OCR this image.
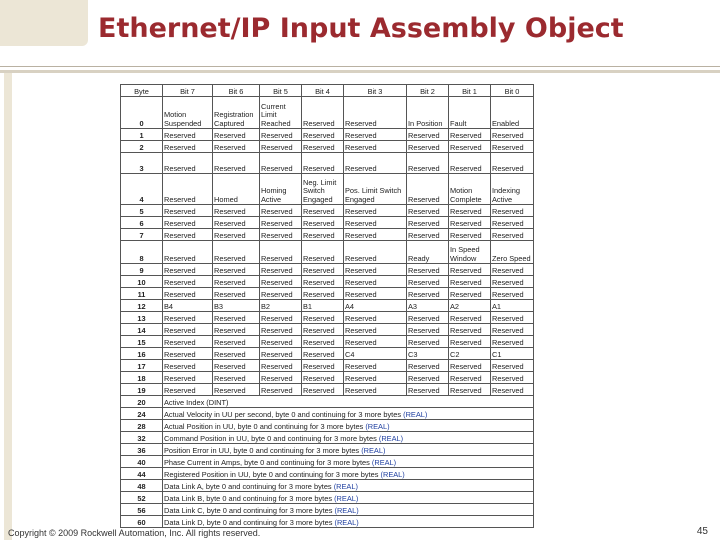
Ethernet/IP Input Assembly Object
Byte	Bit 7	Bit 6	Bit 5	Bit 4	Bit 3	Bit 2	Bit 1	Bit 0
0	Motion Suspended	Registration Captured	Current Limit Reached	Reserved	Reserved	In Position	Fault	Enabled
1	Reserved	Reserved	Reserved	Reserved	Reserved	Reserved	Reserved	Reserved
2	Reserved	Reserved	Reserved	Reserved	Reserved	Reserved	Reserved	Reserved
3	Reserved	Reserved	Reserved	Reserved	Reserved	Reserved	Reserved	Reserved
4	Reserved	Homed	Homing Active	Neg. Limit Switch Engaged	Pos. Limit Switch Engaged	Reserved	Motion Complete	Indexing Active
5	Reserved	Reserved	Reserved	Reserved	Reserved	Reserved	Reserved	Reserved
6	Reserved	Reserved	Reserved	Reserved	Reserved	Reserved	Reserved	Reserved
7	Reserved	Reserved	Reserved	Reserved	Reserved	Reserved	Reserved	Reserved
8	Reserved	Reserved	Reserved	Reserved	Reserved	Ready	In Speed Window	Zero Speed
9	Reserved	Reserved	Reserved	Reserved	Reserved	Reserved	Reserved	Reserved
10	Reserved	Reserved	Reserved	Reserved	Reserved	Reserved	Reserved	Reserved
11	Reserved	Reserved	Reserved	Reserved	Reserved	Reserved	Reserved	Reserved
12	B4	B3	B2	B1	A4	A3	A2	A1
13	Reserved	Reserved	Reserved	Reserved	Reserved	Reserved	Reserved	Reserved
14	Reserved	Reserved	Reserved	Reserved	Reserved	Reserved	Reserved	Reserved
15	Reserved	Reserved	Reserved	Reserved	Reserved	Reserved	Reserved	Reserved
16	Reserved	Reserved	Reserved	Reserved	C4	C3	C2	C1
17	Reserved	Reserved	Reserved	Reserved	Reserved	Reserved	Reserved	Reserved
18	Reserved	Reserved	Reserved	Reserved	Reserved	Reserved	Reserved	Reserved
19	Reserved	Reserved	Reserved	Reserved	Reserved	Reserved	Reserved	Reserved
20	Active Index (DINT)							
24	Actual Velocity in UU per second, byte 0 and continuing for 3 more bytes (REAL)							
28	Actual Position in UU, byte 0 and continuing for 3 more bytes (REAL)							
32	Command Position in UU, byte 0 and continuing for 3 more bytes (REAL)							
36	Position Error in UU, byte 0 and continuing for 3 more bytes (REAL)							
40	Phase Current in Amps, byte 0 and continuing for 3 more bytes (REAL)							
44	Registered Position in UU, byte 0 and continuing for 3 more bytes (REAL)							
48	Data Link A, byte 0 and continuing for 3 more bytes (REAL)							
52	Data Link B, byte 0 and continuing for 3 more bytes (REAL)							
56	Data Link C, byte 0 and continuing for 3 more bytes (REAL)							
60	Data Link D, byte 0 and continuing for 3 more bytes (REAL)							
Copyright © 2009 Rockwell Automation, Inc. All rights reserved.	45
